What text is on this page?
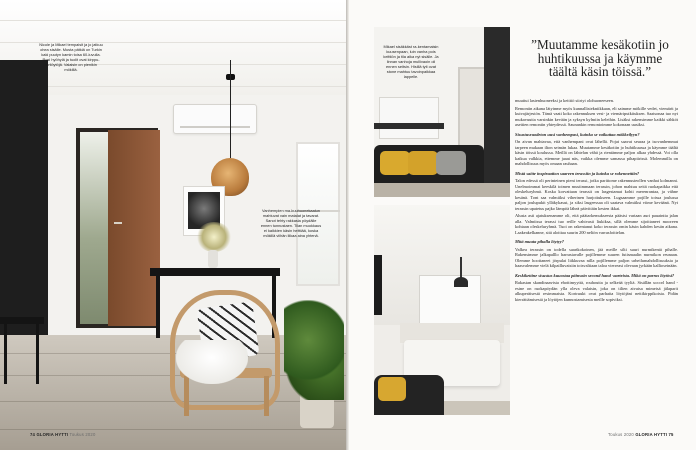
Nicole ja Mikael tempaisit ja jo jatkuu ohea sisälle. Musta pätkiä on Turkin kaki puutyn kamin toisa 60-luvulla. Rosi hyöhylä ja tuolit ovat kirppu-torilöytöjä. Valaisin on pienikin mökillä.
Vanhempien ma-kuuhuonekaalun mahtuvat vain matalat ja tavarat. Sanot tehty rakkasia pöydälle ennen tunnustaen. Tilan muokkaus ei kaikkien käsin heittiää, koska mökillä viihän liikaa aina yhtenä.
74 GLORIA HYTTI Toukus 2020
Mikael sisäkkäst ra-kentamaisin kuusenpaan, luin vanha pois keittiön ja tila aika nyt sisälle. Ja linnan vanhoja mullivaoin oli ennen seitsin. Hisillä tyti ovat stone mahtuu tavoinpaikkaa lappelle.
”Muutamme kesäkotiin jo huhtikuussa ja käymme täältä käsin töissä.”

muuttui lastenhuoneeksi ja keittiö siirtyi olohuoneeseen.

Remontin aikana lätyinme myös kunnallistekniikkaan, eli saimme mökille vedet, viemärit ja kuivajärjestön. Tämä vaati koko rakennuksen vesi- ja viemäriputkituksen. Saatsonaa tuo nyt mukavuutta varsinkin kevään ja syksyn kylmiin keleihin. Lisäksi rakensimme kaikki sähköt asettien remontin yhteydessä. Saunankin remontoimme kokonaan uusiksi.

Sisustusruodeton uusi vanhempasi, kuinka se vaikuttaa mökkeilyyn?

On aivan mahtavaa, että vanhempani ovat lähellä. Pojat saavat seuraa ja isovanhemmat tarpeen mukaan ilton seimän lukaa. Muutamme kesäkotiin jo huhtikuussa ja käymme täältä käsin töissä koulussa. Meillä on lähtelan vähä ja rientämme paljon alkaa yhdessä. Voi olla kaikua valkkia, ettemme jaaat näs, vaikka olemme samassa pihapiirissä. Molemmilla on mahdollisuus myös omaan rauhaan.

Mistä saitte inspiraation saareen terassiin ja kuinka se rakennettiin?

Talon edessä oli perinteinen pieni terassi, jotka parittome rakennusteollen vanhat kolmanni. Unelmoimmat keeskilä toimen mustimmaan terassin, johon mahtuu seitä ruokapaikka että oleskeluryhmä. Koska korvattaan terassit on lasgestamat kohti merenrantaa, ja vähne kesänä. Tont saa valmiiksi viherinen harjoitukseen. Lugsaamme pojille toissa joulussa paljon joulupukit ylläkykasut, ja siksi lasgeessaa oli saatava valmiiksi viime keväänä. Nyt terassin upatetus pajko lämpöä läheä päivittäin kesten ikkai.

Alusta asti ajatuksenamme oli, että päätarkemukseesta päästsi variaan auri pauaintta jalan alla. Valmiissa terassi tuo reille vahtvasti liukiksa, sillä olemme sijoittaneet mooreen kohtaan oleskeluryhmä. Tuoi on rakentanut koko terassin omin käsin kahden kesän aikana. Laakeakelkanne, sitä aloittaa suurin 200 neliön varrasfoittelan.

Mitä muuta pihalla löytyy?

Valkea terassin on todella saartkokoinen, jää meille silti suuri nurmikentä pihalle. Rakensimme jalkapalllo harrastavalle pojillemme suuren futismaalin nurmikon reunaan. Olemme hoottaneet jörpulai liikkuvaa nilla pojillemme paljon urheilumahdollisuuksia ja haasvalemme vielä kilpailluvaisiin toisvaltiaan taloa vierreasi olevaan jyrkään kallioseinään.

Keskikettine sisustus kuuostaa päinsoin second hand -aarteista. Mikä on parras löytösi?

Rakastan skandinaavista ehottimyyttä, rouhoutta ja selkeää tyyliä. Sisällän uccorl hand -esine on ruokapöydän ylla oleva valaisin, joka on tilien aivaisa mimeisä jälaparit alkuperäisestä resimmaista. Kortruukt ovat parhaita löytöjäni nettikirppikoista. Pidän kierrättämisestä ja löytöjen kunnostamisesta meille sopiviksi.

Toukus 2020 GLORIA HYTTI 75
